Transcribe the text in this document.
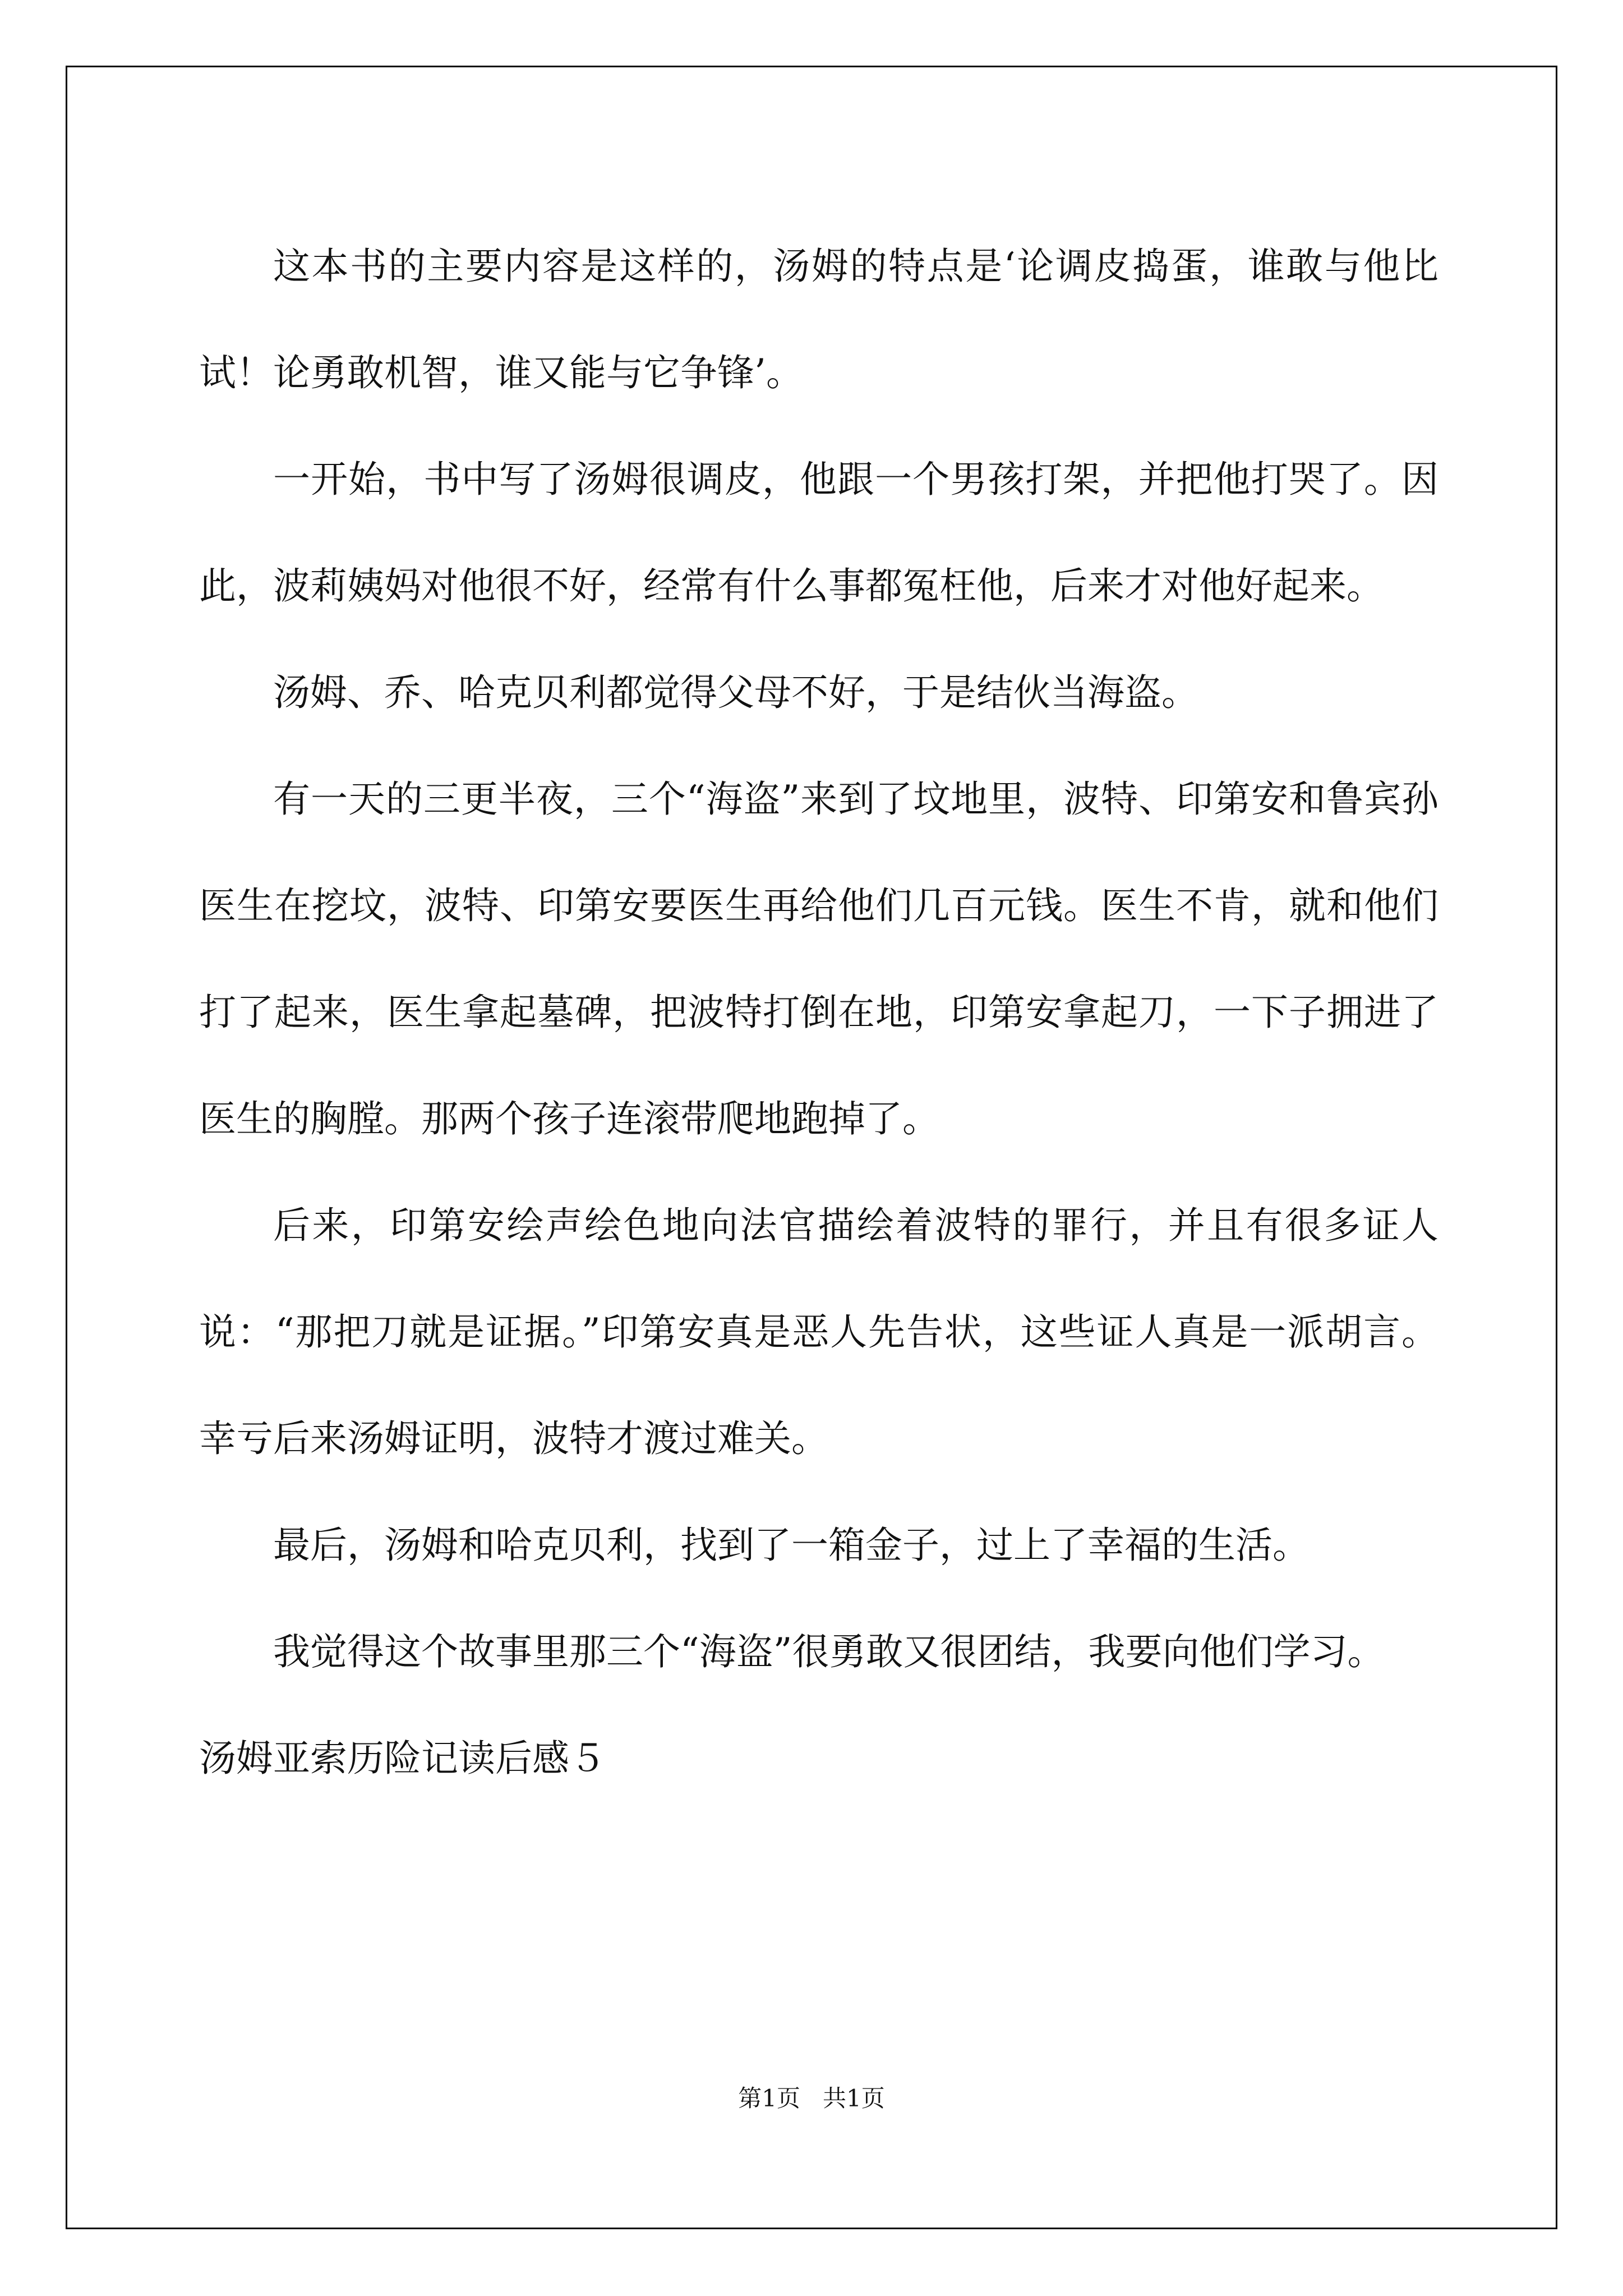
这本书的主要内容是这样的，汤姆的特点是‘论调皮捣蛋，谁敢与他比试！论勇敢机智，谁又能与它争锋’。

一开始，书中写了汤姆很调皮，他跟一个男孩打架，并把他打哭了。因此，波莉姨妈对他很不好，经常有什么事都冤枉他，后来才对他好起来。

汤姆、乔、哈克贝利都觉得父母不好，于是结伙当海盗。

有一天的三更半夜，三个“海盗”来到了坟地里，波特、印第安和鲁宾孙医生在挖坟，波特、印第安要医生再给他们几百元钱。医生不肯，就和他们打了起来，医生拿起墓碑，把波特打倒在地，印第安拿起刀，一下子拥进了医生的胸膛。那两个孩子连滚带爬地跑掉了。

后来，印第安绘声绘色地向法官描绘着波特的罪行，并且有很多证人说：“那把刀就是证据。”印第安真是恶人先告状，这些证人真是一派胡言。幸亏后来汤姆证明，波特才渡过难关。

最后，汤姆和哈克贝利，找到了一箱金子，过上了幸福的生活。

我觉得这个故事里那三个“海盗”很勇敢又很团结，我要向他们学习。

汤姆亚索历险记读后感５

第1页   共1页
